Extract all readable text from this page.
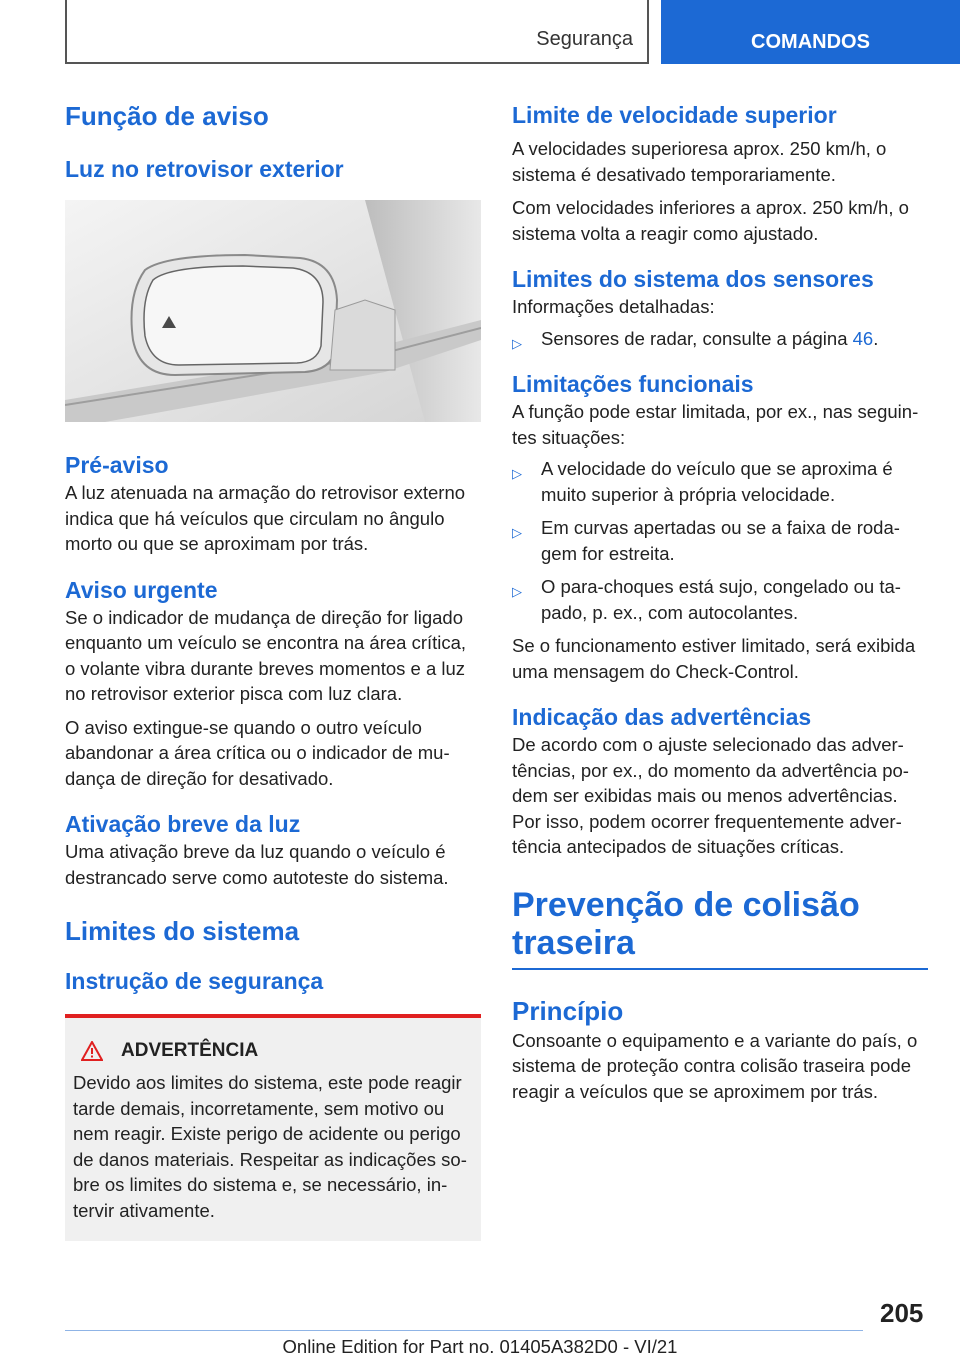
Segurança	COMANDOS
Função de aviso
Luz no retrovisor exterior
Pré-aviso

A luz atenuada na armação do retrovisor externo indica que há veículos que circulam no ângulo morto ou que se aproximam por trás.

Aviso urgente

Se o indicador de mudança de direção for ligado enquanto um veículo se encontra na área crítica, o volante vibra durante breves momentos e a luz no retrovisor exterior pisca com luz clara.

O aviso extingue-se quando o outro veículo abandonar a área crítica ou o indicador de mudança de direção for desativado.

Ativação breve da luz

Uma ativação breve da luz quando o veículo é destrancado serve como autoteste do sistema.

Limites do sistema
Instrução de segurança
ADVERTÊNCIA

Devido aos limites do sistema, este pode reagir tarde demais, incorretamente, sem motivo ou nem reagir. Existe perigo de acidente ou perigo de danos materiais. Respeitar as indicações sobre os limites do sistema e, se necessário, intervir ativamente.

Limite de velocidade superior

A velocidades superioresa aprox. 250 km/h, o sistema é desativado temporariamente.

Com velocidades inferiores a aprox. 250 km/h, o sistema volta a reagir como ajustado.

Limites do sistema dos sensores

Informações detalhadas:

▷ Sensores de radar, consulte a página 46.
Limitações funcionais

A função pode estar limitada, por ex., nas seguintes situações:

▷ A velocidade do veículo que se aproxima é muito superior à própria velocidade.
▷ Em curvas apertadas ou se a faixa de rodagem for estreita.
▷ O para-choques está sujo, congelado ou tapado, p. ex., com autocolantes.

Se o funcionamento estiver limitado, será exibida uma mensagem do Check-Control.

Indicação das advertências

De acordo com o ajuste selecionado das advertências, por ex., do momento da advertência podem ser exibidas mais ou menos advertências. Por isso, podem ocorrer frequentemente advertência antecipados de situações críticas.

Prevenção de colisão traseira
Princípio

Consoante o equipamento e a variante do país, o sistema de proteção contra colisão traseira pode reagir a veículos que se aproximem por trás.

205
Online Edition for Part no. 01405A382D0 - VI/21
